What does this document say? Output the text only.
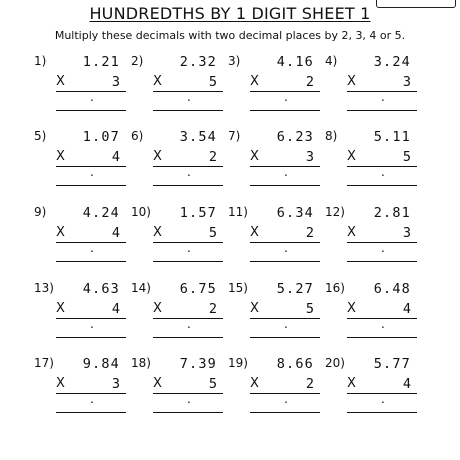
HUNDREDTHS BY 1 DIGIT SHEET 1
Multiply these decimals with two decimal places by 2, 3, 4 or 5.
1)	1.21
X	3
.
2)	2.32
X	5
.
3)	4.16
X	2
.
4)	3.24
X	3
.
5)	1.07
X	4
.
6)	3.54
X	2
.
7)	6.23
X	3
.
8)	5.11
X	5
.
9)	4.24
X	4
.
10) 1.57
X	5
.
11) 6.34
X	2
.
12) 2.81
X	3
.
13) 4.63
X	4
.
14) 6.75
X	2
.
15) 5.27
X	5
.
16) 6.48
X	4
.
17) 9.84
X	3
.
18) 7.39
X	5
.
19) 8.66
X	2
.
20) 5.77
X	4
.
